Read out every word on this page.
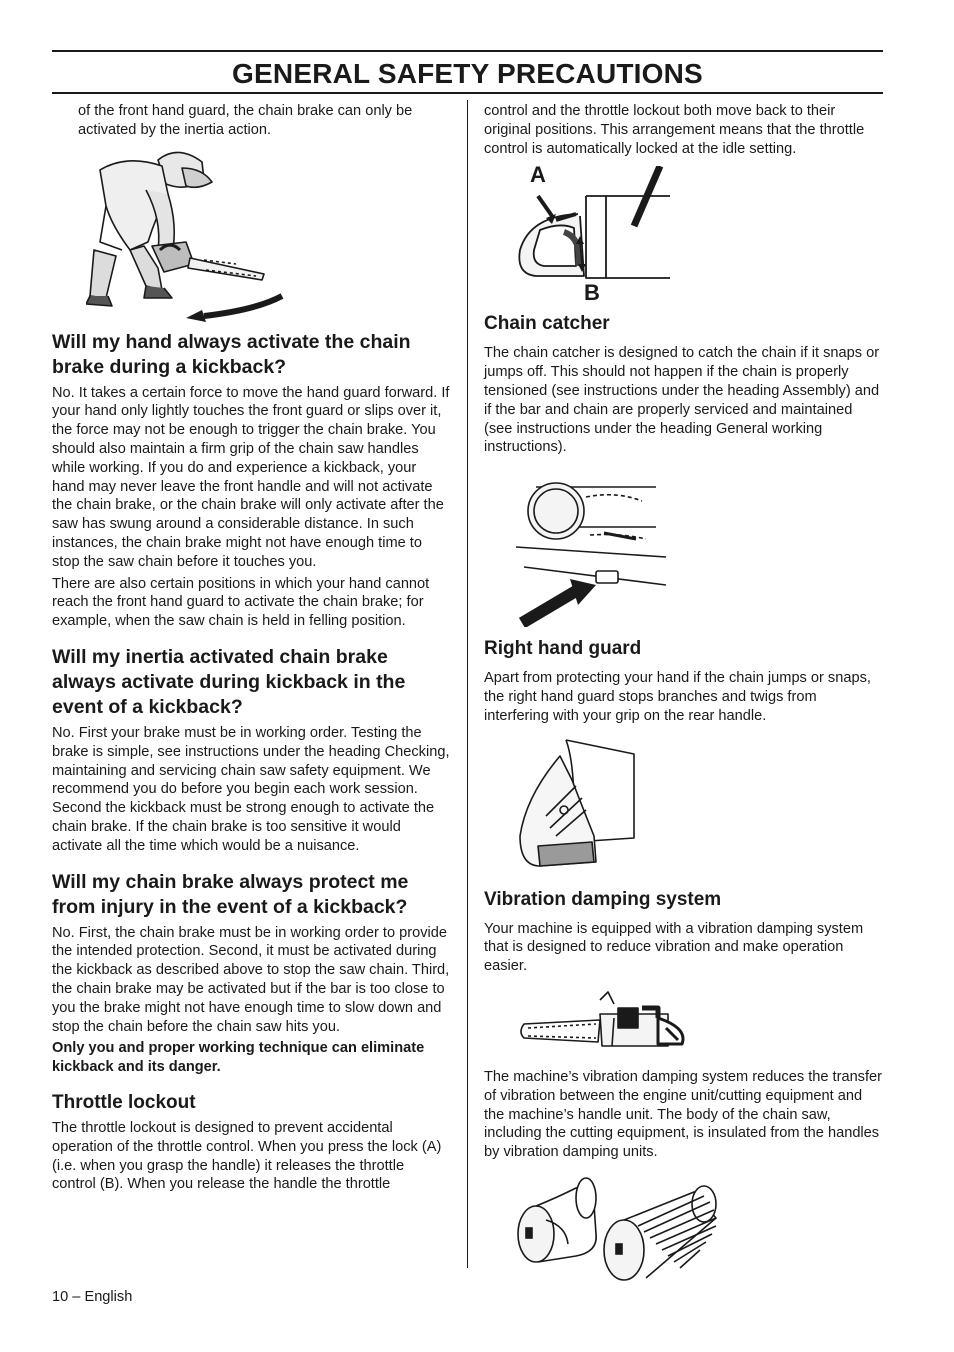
GENERAL SAFETY PRECAUTIONS

of the front hand guard, the chain brake can only be activated by the inertia action.

Will my hand always activate the chain brake during a kickback?

No. It takes a certain force to move the hand guard forward. If your hand only lightly touches the front guard or slips over it, the force may not be enough to trigger the chain brake. You should also maintain a firm grip of the chain saw handles while working. If you do and experience a kickback, your hand may never leave the front handle and will not activate the chain brake, or the chain brake will only activate after the saw has swung around a considerable distance. In such instances, the chain brake might not have enough time to stop the saw chain before it touches you.

There are also certain positions in which your hand cannot reach the front hand guard to activate the chain brake; for example, when the saw chain is held in felling position.

Will my inertia activated chain brake always activate during kickback in the event of a kickback?

No. First your brake must be in working order. Testing the brake is simple, see instructions under the heading Checking, maintaining and servicing chain saw safety equipment. We recommend you do before you begin each work session. Second the kickback must be strong enough to activate the chain brake. If the chain brake is too sensitive it would activate all the time which would be a nuisance.

Will my chain brake always protect me from injury in the event of a kickback?

No. First, the chain brake must be in working order to provide the intended protection. Second, it must be activated during the kickback as described above to stop the saw chain. Third, the chain brake may be activated but if the bar is too close to you the brake might not have enough time to slow down and stop the chain before the chain saw hits you.

Only you and proper working technique can eliminate kickback and its danger.

Throttle lockout

The throttle lockout is designed to prevent accidental operation of the throttle control. When you press the lock (A) (i.e. when you grasp the handle) it releases the throttle control (B). When you release the handle the throttle

control and the throttle lockout both move back to their original positions. This arrangement means that the throttle control is automatically locked at the idle setting.

A
B
Chain catcher

The chain catcher is designed to catch the chain if it snaps or jumps off. This should not happen if the chain is properly tensioned (see instructions under the heading Assembly) and if the bar and chain are properly serviced and maintained (see instructions under the heading General working instructions).

Right hand guard

Apart from protecting your hand if the chain jumps or snaps, the right hand guard stops branches and twigs from interfering with your grip on the rear handle.

Vibration damping system

Your machine is equipped with a vibration damping system that is designed to reduce vibration and make operation easier.

The machine’s vibration damping system reduces the transfer of vibration between the engine unit/cutting equipment and the machine’s handle unit. The body of the chain saw, including the cutting equipment, is insulated from the handles by vibration damping units.

10 – English
